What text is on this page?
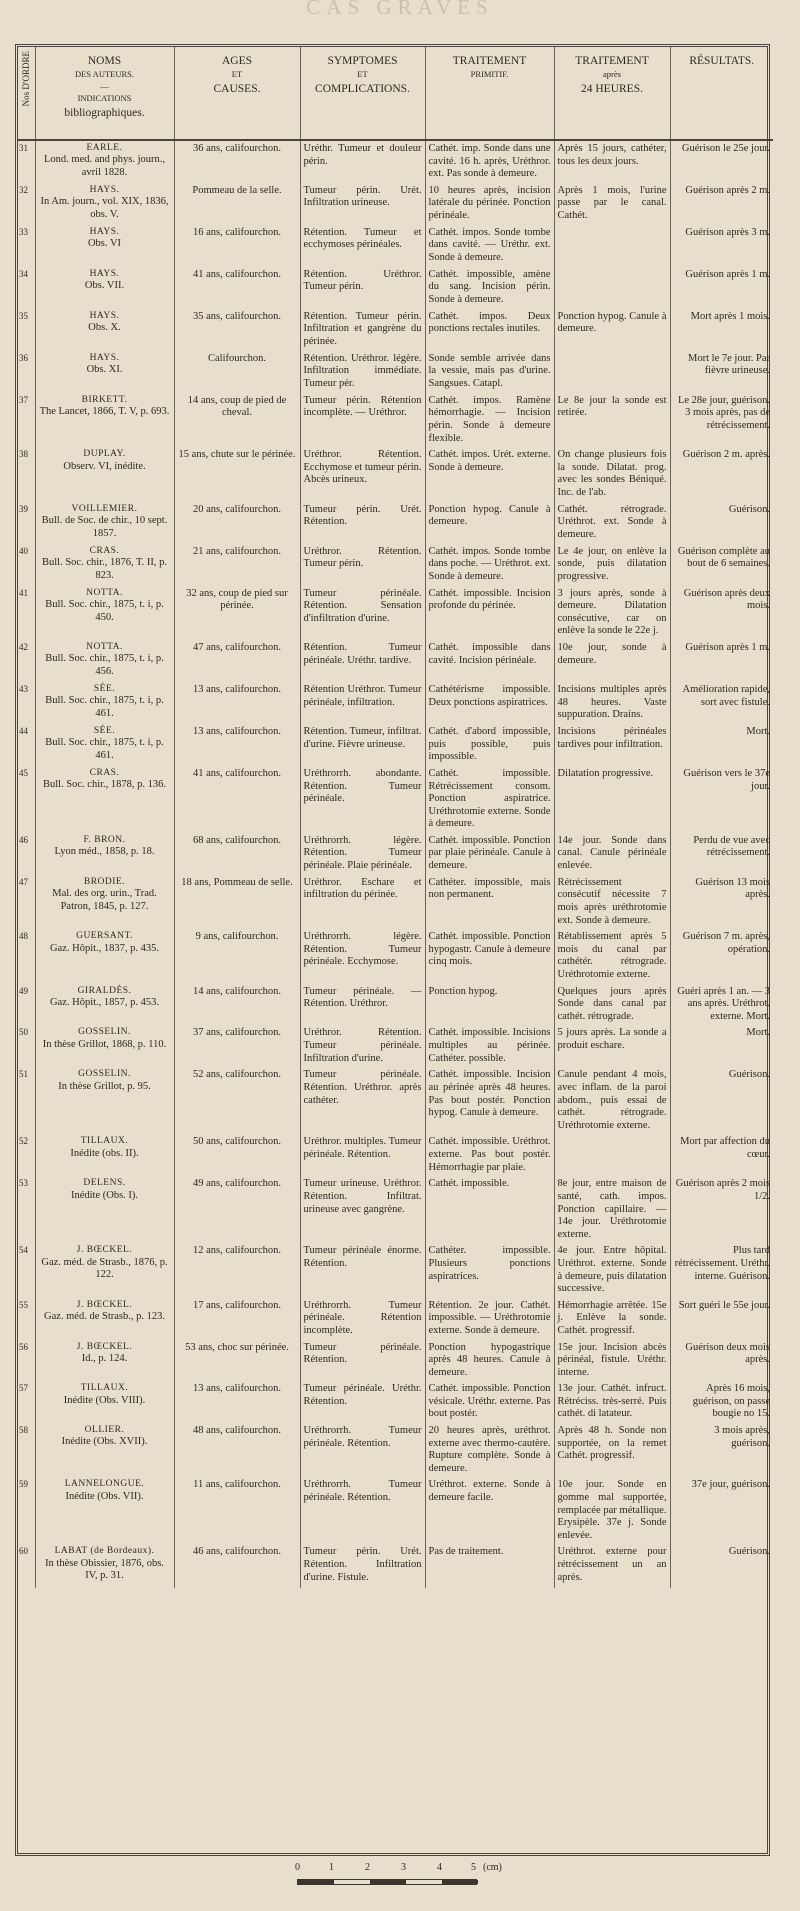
CAS GRAVES
Nos D'ORDRE	NOMS
DES AUTEURS.
—
INDICATIONS
bibliographiques.	AGES
ET
CAUSES.	SYMPTOMES
ET
COMPLICATIONS.	TRAITEMENT
PRIMITIF.	TRAITEMENT
après
24 HEURES.	RÉSULTATS.

31	EARLE.
Lond. med. and phys. journ., avril 1828.	36 ans, califourchon.	Uréthr. Tumeur et douleur périn.	Cathét. imp. Sonde dans une cavité. 16 h. après, Uréthror. ext. Pas sonde à demeure.	Après 15 jours, cathéter, tous les deux jours.	Guérison le 25e jour.
32	HAYS.
In Am. journ., vol. XIX, 1836, obs. V.	Pommeau de la selle.	Tumeur périn. Urét. Infiltration urineuse.	10 heures après, incision latérale du périnée. Ponction périnéale.	Après 1 mois, l'urine passe par le canal. Cathét.	Guérison après 2 m.
33	HAYS.
Obs. VI	16 ans, califourchon.	Rétention. Tumeur et ecchymoses périnéales.	Cathét. impos. Sonde tombe dans cavité. — Uréthr. ext. Sonde à demeure.		Guérison après 3 m.
34	HAYS.
Obs. VII.	41 ans, califourchon.	Rétention. Uréthror. Tumeur périn.	Cathét. impossible, amène du sang. Incision périn. Sonde à demeure.		Guérison après 1 m.
35	HAYS.
Obs. X.	35 ans, califourchon.	Rétention. Tumeur périn. Infiltration et gangrène du périnée.	Cathét. impos. Deux ponctions rectales inutiles.	Ponction hypog. Canule à demeure.	Mort après 1 mois.
36	HAYS.
Obs. XI.	Califourchon.	Rétention. Uréthror. légère. Infiltration immédiate. Tumeur pér.	Sonde semble arrivée dans la vessie, mais pas d'urine. Sangsues. Catapl.		Mort le 7e jour. Par fièvre urineuse.
37	BIRKETT.
The Lancet, 1866, T. V, p. 693.	14 ans, coup de pied de cheval.	Tumeur périn. Rétention incomplète. — Uréthror.	Cathét. impos. Ramène hémorrhagie. — Incision périn. Sonde à demeure flexible.	Le 8e jour la sonde est retirée.	Le 28e jour, guérison. 3 mois après, pas de rétrécissement.
38	DUPLAY.
Observ. VI, inédite.	15 ans, chute sur le périnée.	Uréthror. Rétention. Ecchymose et tumeur périn. Abcès urineux.	Cathét. impos. Urét. externe. Sonde à demeure.	On change plusieurs fois la sonde. Dilatat. prog. avec les sondes Béniqué. Inc. de l'ab.	Guérison 2 m. après.
39	VOILLEMIER.
Bull. de Soc. de chir., 10 sept. 1857.	20 ans, califourchon.	Tumeur périn. Urét. Rétention.	Ponction hypog. Canule à demeure.	Cathét. rétrograde. Uréthrot. ext. Sonde à demeure.	Guérison.
40	CRAS.
Bull. Soc. chir., 1876, T. II, p. 823.	21 ans, califourchon.	Uréthror. Rétention. Tumeur périn.	Cathét. impos. Sonde tombe dans poche. — Uréthrot. ext. Sonde à demeure.	Le 4e jour, on enlève la sonde, puis dilatation progressive.	Guérison complète au bout de 6 semaines.
41	NOTTA.
Bull. Soc. chir., 1875, t. i, p. 450.	32 ans, coup de pied sur périnée.	Tumeur périnéale. Rétention. Sensation d'infiltration d'urine.	Cathét. impossible. Incision profonde du périnée.	3 jours après, sonde à demeure. Dilatation consécutive, car on enlève la sonde le 22e j.	Guérison après deux mois.
42	NOTTA.
Bull. Soc. chir., 1875, t. i, p. 456.	47 ans, califourchon.	Rétention. Tumeur périnéale. Uréthr. tardive.	Cathét. impossible dans cavité. Incision périnéale.	10e jour, sonde à demeure.	Guérison après 1 m.
43	SÉE.
Bull. Soc. chir., 1875, t. i, p. 461.	13 ans, califourchon.	Rétention Uréthror. Tumeur périnéale, infiltration.	Cathétérisme impossible. Deux ponctions aspiratrices.	Incisions multiples après 48 heures. Vaste suppuration. Drains.	Amélioration rapide, sort avec fistule.
44	SÉE.
Bull. Soc. chir., 1875, t. i, p. 461.	13 ans, califourchon.	Rétention. Tumeur, infiltrat. d'urine. Fièvre urineuse.	Cathét. d'abord impossible, puis possible, puis impossible.	Incisions périnéales tardives pour infiltration.	Mort.
45	CRAS.
Bull. Soc. chir., 1878, p. 136.	41 ans, califourchon.	Uréthrorrh. abondante. Rétention. Tumeur périnéale.	Cathét. impossible. Rétrécissement consom. Ponction aspiratrice. Uréthrotomie externe. Sonde à demeure.	Dilatation progressive.	Guérison vers le 37e jour.
46	F. BRON.
Lyon méd., 1858, p. 18.	68 ans, califourchon.	Uréthrorrh. légère. Rétention. Tumeur périnéale. Plaie périnéale.	Cathét. impossible. Ponction par plaie périnéale. Canule à demeure.	14e jour. Sonde dans canal. Canule périnéale enlevée.	Perdu de vue avec rétrécissement.
47	BRODIE.
Mal. des org. urin., Trad. Patron, 1845, p. 127.	18 ans, Pommeau de selle.	Uréthror. Eschare et infiltration du périnée.	Cathéter. impossible, mais non permanent.	Rétrécissement consécutif nécessite 7 mois après uréthrotomie ext. Sonde à demeure.	Guérison 13 mois après.
48	GUERSANT.
Gaz. Hôpit., 1837, p. 435.	9 ans, califourchon.	Uréthrorrh. légère. Rétention. Tumeur périnéale. Ecchymose.	Cathét. impossible. Ponction hypogastr. Canule à demeure cinq mois.	Rétablissement après 5 mois du canal par cathétér. rétrograde. Uréthrotomie externe.	Guérison 7 m. après, opération.
49	GIRALDÈS.
Gaz. Hôpit., 1857, p. 453.	14 ans, califourchon.	Tumeur périnéale. — Rétention. Uréthror.	Ponction hypog.	Quelques jours après Sonde dans canal par cathét. rétrograde.	Guéri après 1 an. — 3 ans après. Uréthrot. externe. Mort.
50	GOSSELIN.
In thèse Grillot, 1868, p. 110.	37 ans, califourchon.	Uréthror. Rétention. Tumeur périnéale. Infiltration d'urine.	Cathét. impossible. Incisions multiples au périnée. Cathéter. possible.	5 jours après. La sonde a produit eschare.	Mort.
51	GOSSELIN.
In thèse Grillot, p. 95.	52 ans, califourchon.	Tumeur périnéale. Rétention. Uréthror. après cathéter.	Cathét. impossible. Incision au périnée après 48 heures. Pas bout postér. Ponction hypog. Canule à demeure.	Canule pendant 4 mois, avec inflam. de la paroi abdom., puis essai de cathét. rétrograde. Uréthrotomie externe.	Guérison.
52	TILLAUX.
Inédite (obs. II).	50 ans, califourchon.	Uréthror. multiples. Tumeur périnéale. Rétention.	Cathét. impossible. Uréthrot. externe. Pas bout postér. Hémorrhagie par plaie.		Mort par affection du cœur.
53	DELENS.
Inédite (Obs. I).	49 ans, califourchon.	Tumeur urineuse. Uréthror. Rétention. Infiltrat. urineuse avec gangrène.	Cathét. impossible.	8e jour, entre maison de santé, cath. impos. Ponction capillaire. — 14e jour. Uréthrotomie externe.	Guérison après 2 mois 1/2.
54	J. BŒCKEL.
Gaz. méd. de Strasb., 1876, p. 122.	12 ans, califourchon.	Tumeur périnéale énorme. Rétention.	Cathéter. impossible. Plusieurs ponctions aspiratrices.	4e jour. Entre hôpital. Uréthrot. externe. Sonde à demeure, puis dilatation successive.	Plus tard rétrécissement. Uréthr. interne. Guérison.
55	J. BŒCKEL.
Gaz. méd. de Strasb., p. 123.	17 ans, califourchon.	Uréthrorrh. Tumeur périnéale. Rétention incomplète.	Rétention. 2e jour. Cathét. impossible. — Uréthrotomie externe. Sonde à demeure.	Hémorrhagie arrêtée. 15e j. Enlève la sonde. Cathét. progressif.	Sort guéri le 55e jour.
56	J. BŒCKEL.
Id., p. 124.	53 ans, choc sur périnée.	Tumeur périnéale. Rétention.	Ponction hypogastrique après 48 heures. Canule à demeure.	15e jour. Incision abcès périnéal, fistule. Uréthr. interne.	Guérison deux mois après.
57	TILLAUX.
Inédite (Obs. VIII).	13 ans, califourchon.	Tumeur périnéale. Uréthr. Rétention.	Cathét. impossible. Ponction vésicale. Uréthr. externe. Pas bout postér.	13e jour. Cathét. infruct. Rétréciss. très-serré. Puis cathét. di latateur.	Après 16 mois, guérison, on passe bougie no 15.
58	OLLIER.
Inédite (Obs. XVII).	48 ans, califourchon.	Uréthrorrh. Tumeur périnéale. Rétention.	20 heures après, uréthrot. externe avec thermo-cautère. Rupture complète. Sonde à demeure.	Après 48 h. Sonde non supportée, on la remet Cathét. progressif.	3 mois après, guérison.
59	LANNELONGUE.
Inédite (Obs. VII).	11 ans, califourchon.	Uréthrorrh. Tumeur périnéale. Rétention.	Uréthrot. externe. Sonde à demeure facile.	10e jour. Sonde en gomme mal supportée, remplacée par métallique. Erysipèle. 37e j. Sonde enlevée.	37e jour, guérison.
60	LABAT (de Bordeaux).
In thèse Obissier, 1876, obs. IV, p. 31.	46 ans, califourchon.	Tumeur périn. Urét. Rétention. Infiltration d'urine. Fistule.	Pas de traitement.	Uréthrot. externe pour rétrécissement un an après.	Guérison.
0	1	2	3	4	5 (cm)
